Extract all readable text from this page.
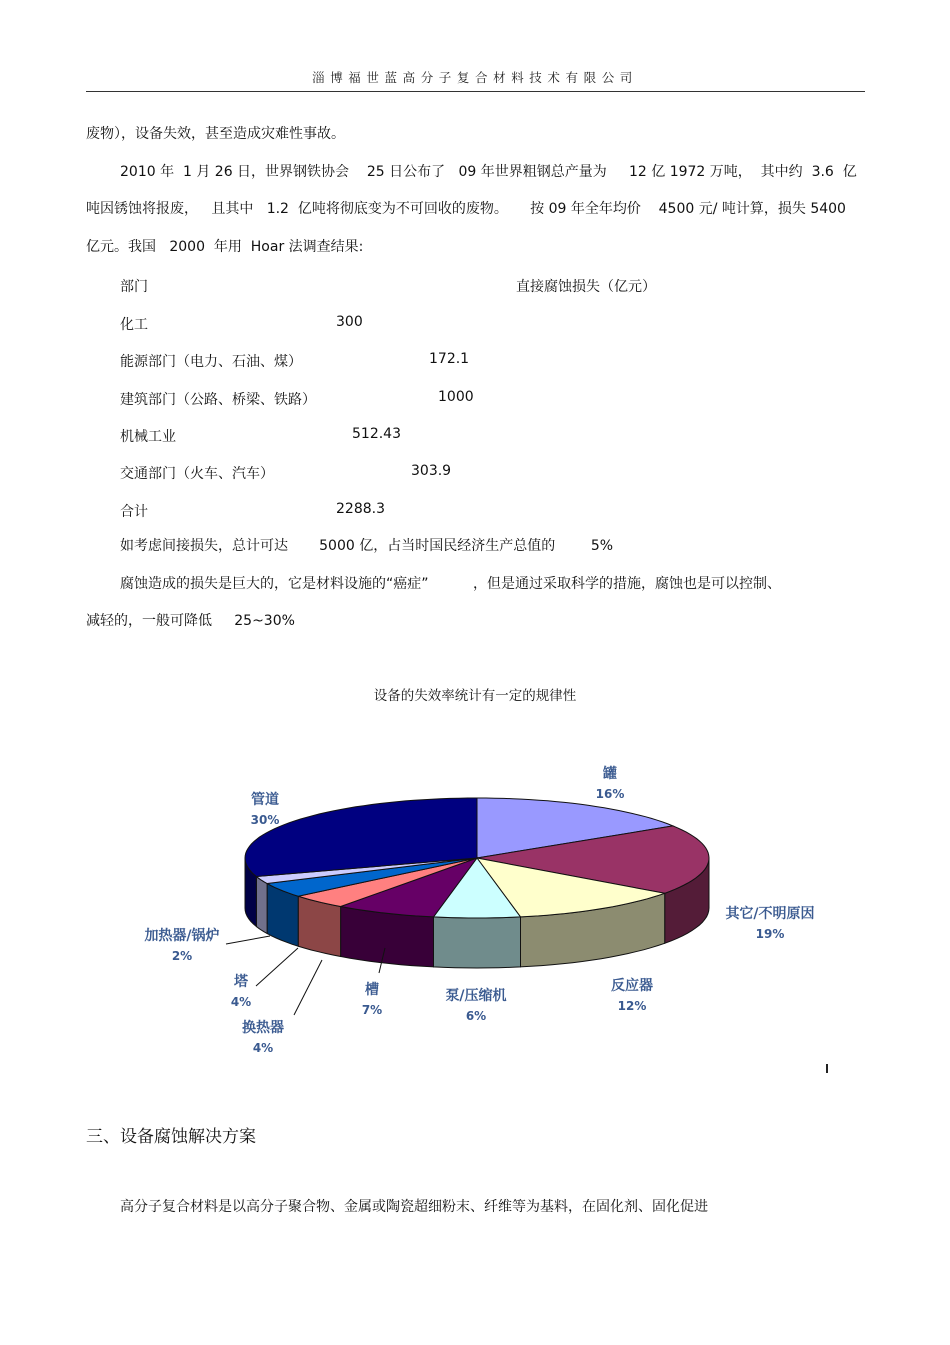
淄博福世蓝高分子复合材料技术有限公司
废物），设备失效，甚至造成灾难性事故。
2010 年  1 月 26 日，世界钢铁协会    25 日公布了   09 年世界粗钢总产量为     12 亿 1972 万吨，  其中约  3.6  亿
吨因锈蚀将报废，   且其中   1.2  亿吨将彻底变为不可回收的废物。     按 09 年全年均价    4500 元/ 吨计算，损失 5400
亿元。我国   2000  年用  Hoar 法调查结果:
部门	直接腐蚀损失（亿元）
化工	300
能源部门（电力、石油、煤）	172.1
建筑部门（公路、桥梁、铁路）	1000
机械工业	512.43
交通部门（火车、汽车）	303.9
合计	2288.3
如考虑间接损失，总计可达       5000 亿，占当时国民经济生产总值的        5%
腐蚀造成的损失是巨大的，它是材料设施的“癌症”          ，但是通过采取科学的措施，腐蚀也是可以控制、
减轻的，一般可降低     25~30%
设备的失效率统计有一定的规律性
罐
16%
其它/不明原因
19%
反应器
12%
泵/压缩机
6%
槽
7%
换热器
4%
塔
4%
加热器/锅炉
2%
管道
30%
三、设备腐蚀解决方案
高分子复合材料是以高分子聚合物、金属或陶瓷超细粉末、纤维等为基料，在固化剂、固化促进
